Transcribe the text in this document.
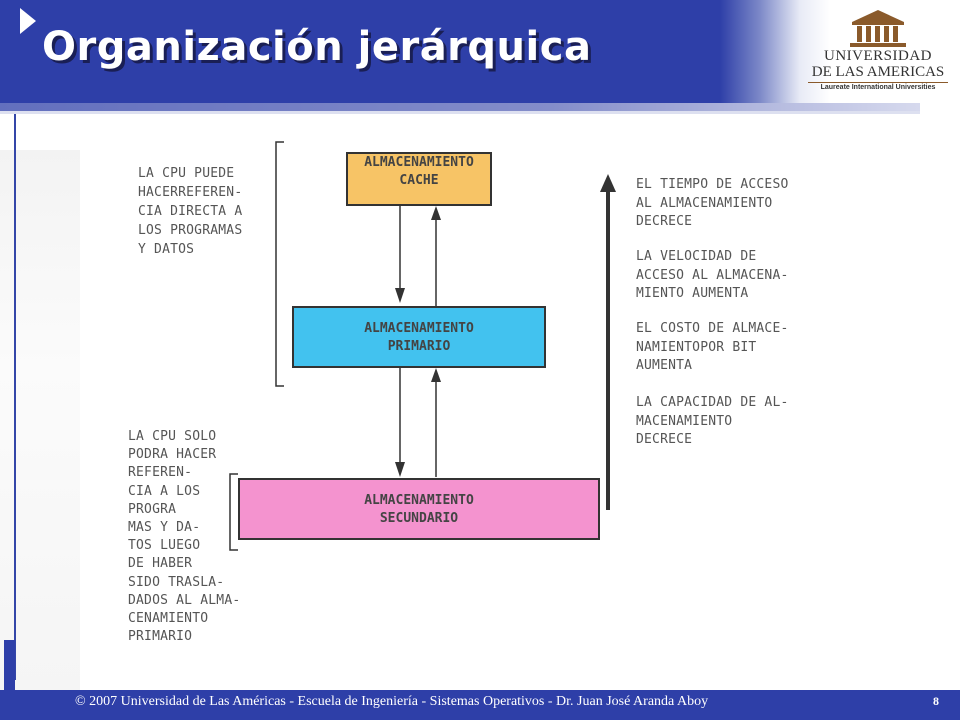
Organización jerárquica	UNIVERSIDAD
DE LAS AMERICAS
Laureate International Universities
LA CPU PUEDE
HACERREFEREN-
CIA DIRECTA A
LOS PROGRAMAS
Y DATOS
LA CPU SOLO
PODRA HACER
REFEREN-
CIA A LOS
PROGRA
MAS Y DA-
TOS LUEGO
DE HABER
SIDO TRASLA-
DADOS AL ALMA-
CENAMIENTO
PRIMARIO
ALMACENAMIENTO
CACHE
ALMACENAMIENTO
PRIMARIO
ALMACENAMIENTO
SECUNDARIO
EL TIEMPO DE ACCESO
AL ALMACENAMIENTO
DECRECE
LA VELOCIDAD DE
ACCESO AL ALMACENA-
MIENTO AUMENTA
EL COSTO DE ALMACE-
NAMIENTOPOR BIT
AUMENTA
LA CAPACIDAD DE AL-
MACENAMIENTO
DECRECE
© 2007 Universidad de Las Américas - Escuela de Ingeniería - Sistemas Operativos - Dr. Juan José Aranda Aboy	8
